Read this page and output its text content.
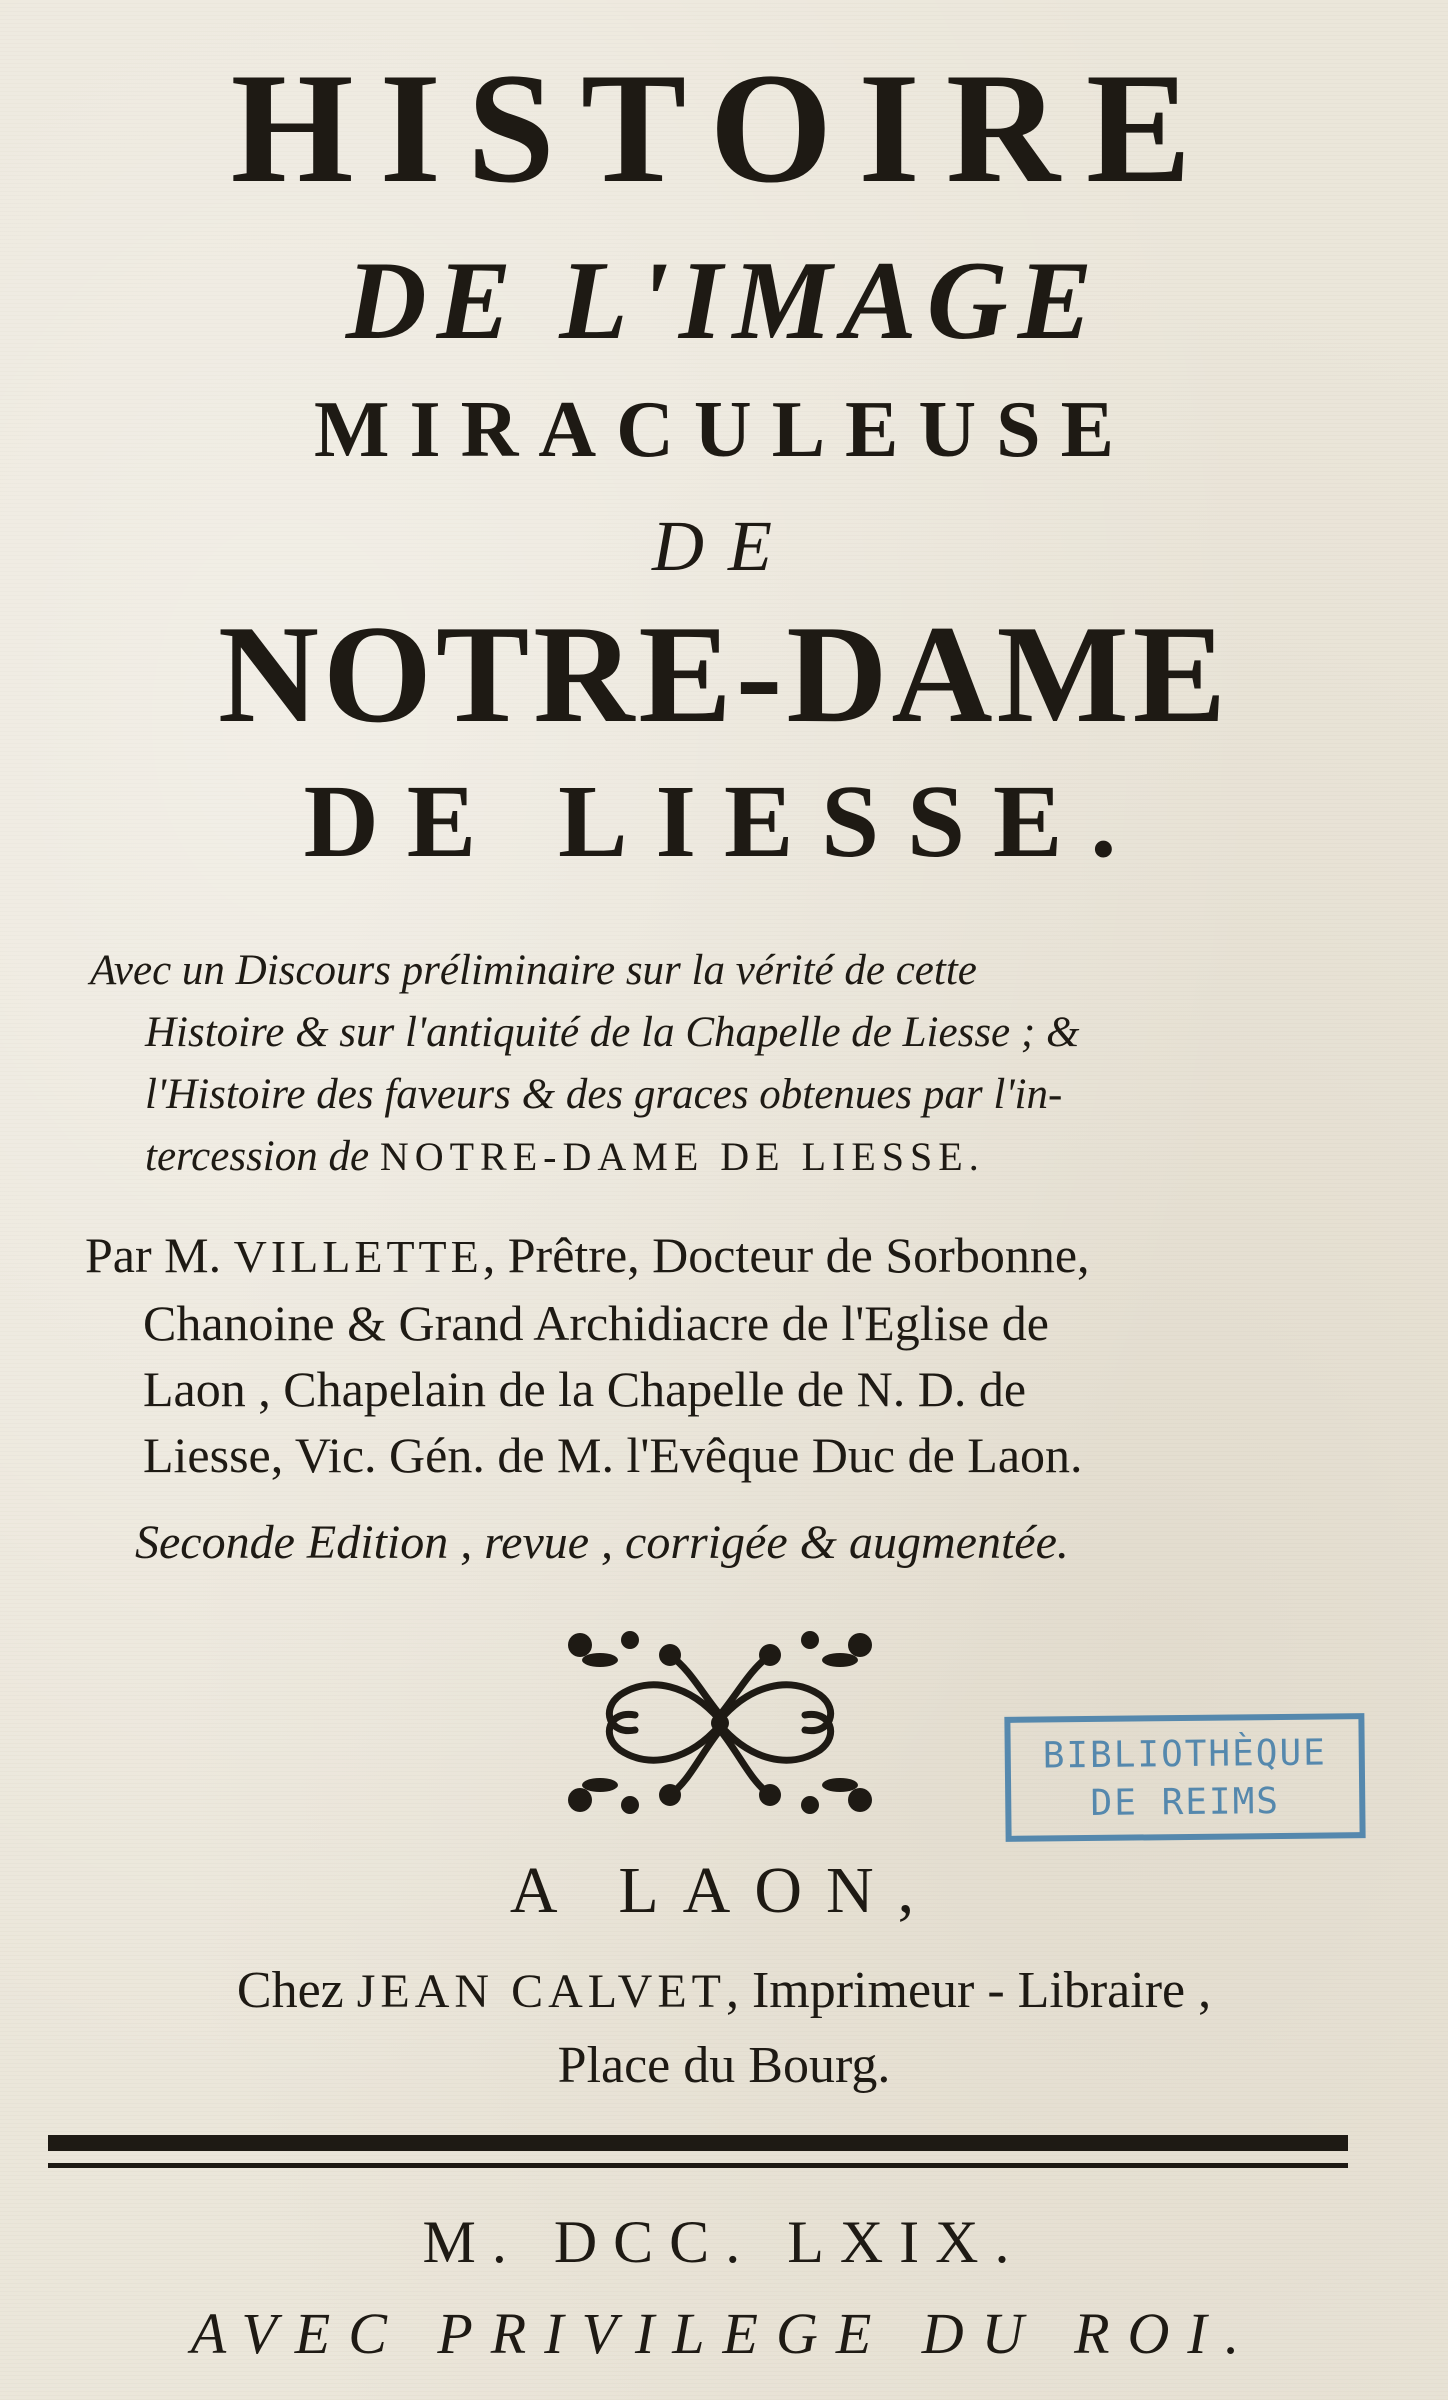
HISTOIRE
DE L'IMAGE
MIRACULEUSE
DE
NOTRE-DAME
DE LIESSE.
Avec un Discours préliminaire sur la vérité de cette
Histoire & sur l'antiquité de la Chapelle de Liesse ; &
l'Histoire des faveurs & des graces obtenues par l'in-
tercession de NOTRE-DAME DE LIESSE.
Par M. VILLETTE, Prêtre, Docteur de Sorbonne,
Chanoine & Grand Archidiacre de l'Eglise de
Laon , Chapelain de la Chapelle de N. D. de
Liesse, Vic. Gén. de M. l'Evêque Duc de Laon.
Seconde Edition , revue , corrigée & augmentée.
BIBLIOTHÈQUE
DE REIMS
A LAON,
Chez JEAN CALVET, Imprimeur - Libraire ,
Place du Bourg.
M. DCC. LXIX.
AVEC PRIVILEGE DU ROI.
